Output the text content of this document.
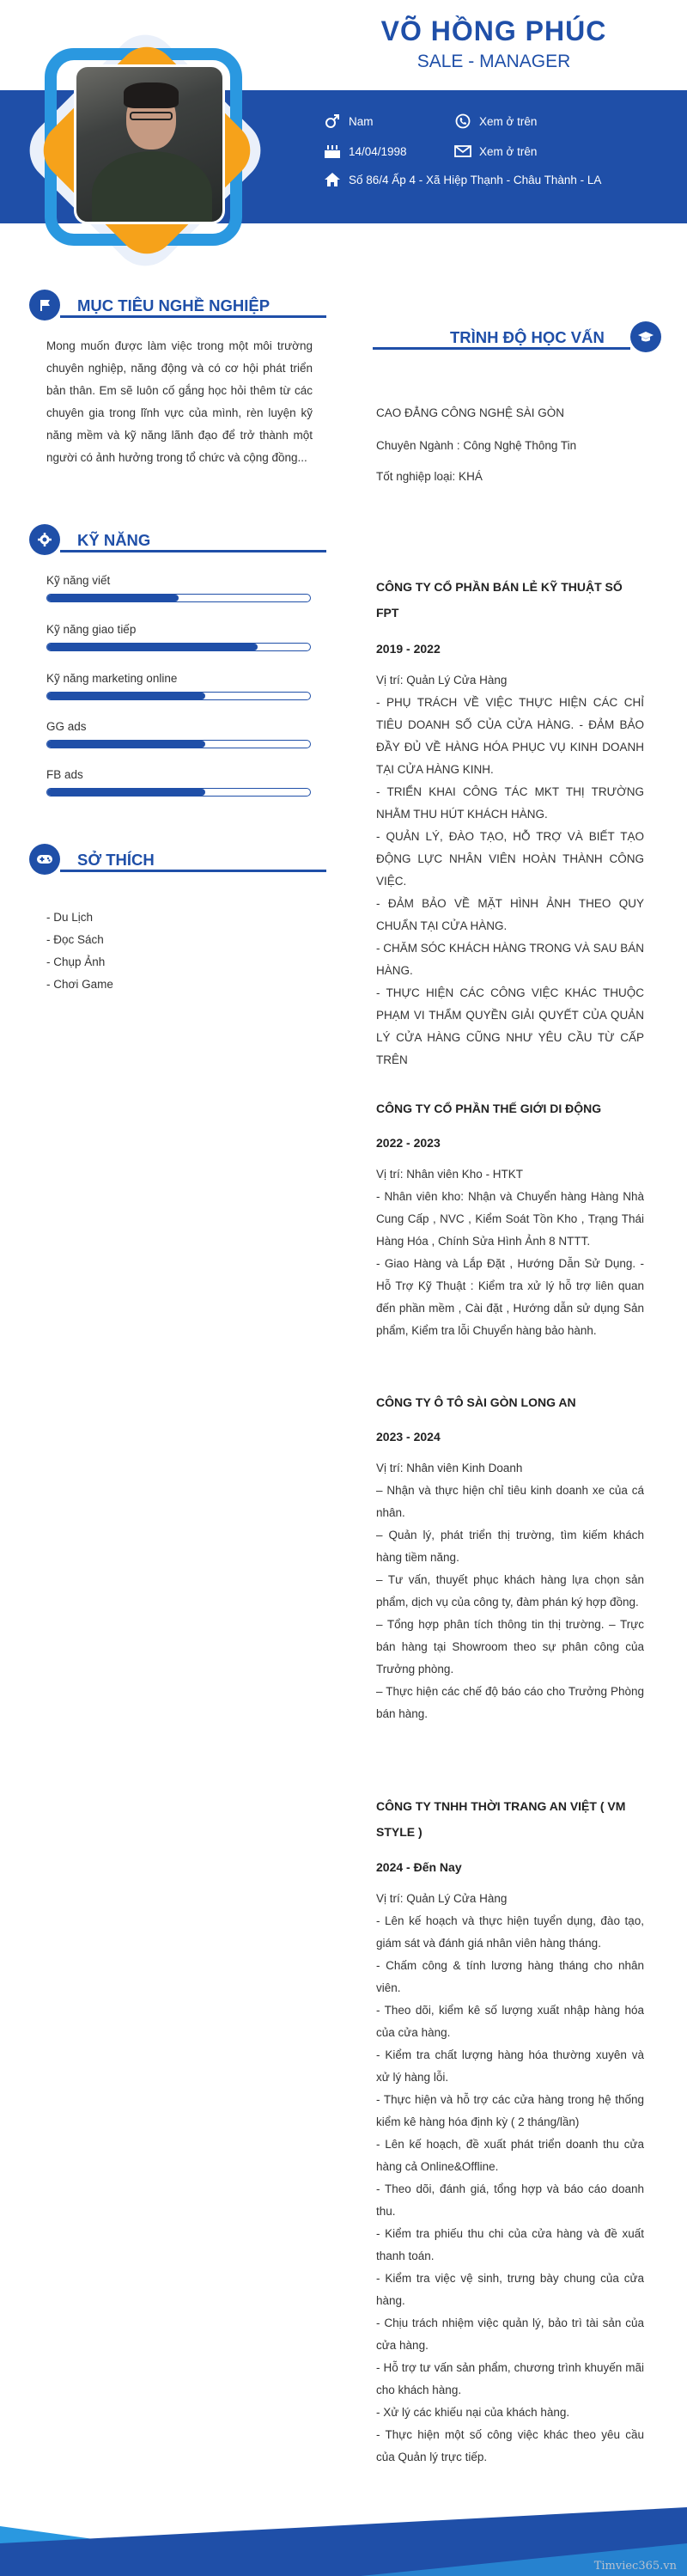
VÕ HỒNG PHÚC
SALE - MANAGER
Nam	Xem ở trên
14/04/1998	Xem ở trên
Số 86/4 Ấp 4 - Xã Hiệp Thạnh - Châu Thành - LA
MỤC TIÊU NGHỀ NGHIỆP
Mong muốn được làm việc trong một môi trường chuyên nghiệp, năng động và có cơ hội phát triển bản thân. Em sẽ luôn cố gắng học hỏi thêm từ các chuyên gia trong lĩnh vực của mình, rèn luyện kỹ năng mềm và kỹ năng lãnh đạo để trở thành một người có ảnh hưởng trong tổ chức và cộng đồng...
KỸ NĂNG
Kỹ năng viết
Kỹ năng giao tiếp
Kỹ năng marketing online
GG ads
FB ads
SỞ THÍCH
- Du Lịch
- Đọc Sách
- Chụp Ảnh
- Chơi Game
TRÌNH ĐỘ HỌC VẤN
CAO ĐẲNG CÔNG NGHỆ SÀI GÒN
Chuyên Ngành : Công Nghệ Thông Tin
Tốt nghiệp loại: KHÁ
CÔNG TY CỔ PHẦN BÁN LẺ KỸ THUẬT SỐ FPT
2019 - 2022
Vị trí: Quản Lý Cửa Hàng
- PHỤ TRÁCH VỀ VIỆC THỰC HIỆN CÁC CHỈ TIÊU DOANH SỐ CỦA CỬA HÀNG. - ĐẢM BẢO ĐẦY ĐỦ VỀ HÀNG HÓA PHỤC VỤ KINH DOANH TẠI CỬA HÀNG KINH.
- TRIỂN KHAI CÔNG TÁC MKT THỊ TRƯỜNG NHẰM THU HÚT KHÁCH HÀNG.
- QUẢN LÝ, ĐÀO TẠO, HỖ TRỢ VÀ BIẾT TẠO ĐỘNG LỰC NHÂN VIÊN HOÀN THÀNH CÔNG VIỆC.
- ĐẢM BẢO VỀ MẶT HÌNH ẢNH THEO QUY CHUẨN TẠI CỬA HÀNG.
- CHĂM SÓC KHÁCH HÀNG TRONG VÀ SAU BÁN HÀNG.
- THỰC HIỆN CÁC CÔNG VIỆC KHÁC THUỘC PHẠM VI THẨM QUYỀN GIẢI QUYẾT CỦA QUẢN LÝ CỬA HÀNG CŨNG NHƯ YÊU CẦU TỪ CẤP TRÊN
CÔNG TY CỔ PHẦN THẾ GIỚI DI ĐỘNG
2022 - 2023
Vị trí: Nhân viên Kho - HTKT
- Nhân viên kho: Nhận và Chuyển hàng Hàng Nhà Cung Cấp , NVC , Kiểm Soát Tồn Kho , Trạng Thái Hàng Hóa , Chính Sửa Hình Ảnh 8 NTTT.
- Giao Hàng và Lắp Đặt , Hướng Dẫn Sử Dụng. - Hỗ Trợ Kỹ Thuật : Kiểm tra xử lý hỗ trợ liên quan đến phần mềm , Cài đặt , Hướng dẫn sử dụng Sản phẩm, Kiểm tra lỗi Chuyển hàng bảo hành.
CÔNG TY Ô TÔ SÀI GÒN LONG AN
2023 - 2024
Vị trí: Nhân viên Kinh Doanh
– Nhận và thực hiện chỉ tiêu kinh doanh xe của cá nhân.
– Quản lý, phát triển thị trường, tìm kiếm khách hàng tiềm năng.
– Tư vấn, thuyết phục khách hàng lựa chọn sản phẩm, dịch vụ của công ty, đàm phán ký hợp đồng.
– Tổng hợp phân tích thông tin thị trường. – Trực bán hàng tại Showroom theo sự phân công của Trưởng phòng.
– Thực hiện các chế độ báo cáo cho Trưởng Phòng bán hàng.
CÔNG TY TNHH THỜI TRANG AN VIỆT ( VM STYLE )
2024 - Đến Nay
Vị trí: Quản Lý Cửa Hàng
- Lên kế hoạch và thực hiện tuyển dụng, đào tạo, giám sát và đánh giá nhân viên hàng tháng.
- Chấm công & tính lương hàng tháng cho nhân viên.
- Theo dõi, kiểm kê số lượng xuất nhập hàng hóa của cửa hàng.
- Kiểm tra chất lượng hàng hóa thường xuyên và xử lý hàng lỗi.
- Thực hiện và hỗ trợ các cửa hàng trong hệ thống kiểm kê hàng hóa định kỳ ( 2 tháng/lần)
- Lên kế hoạch, đề xuất phát triển doanh thu cửa hàng cả Online&Offline.
- Theo dõi, đánh giá, tổng hợp và báo cáo doanh thu.
- Kiểm tra phiếu thu chi của cửa hàng và đề xuất thanh toán.
- Kiểm tra việc vệ sinh, trưng bày chung của cửa hàng.
- Chịu trách nhiệm việc quản lý, bảo trì tài sản của cửa hàng.
- Hỗ trợ tư vấn sản phẩm, chương trình khuyến mãi cho khách hàng.
- Xử lý các khiếu nại của khách hàng.
- Thực hiện một số công việc khác theo yêu cầu của Quản lý trực tiếp.
Timviec365.vn
